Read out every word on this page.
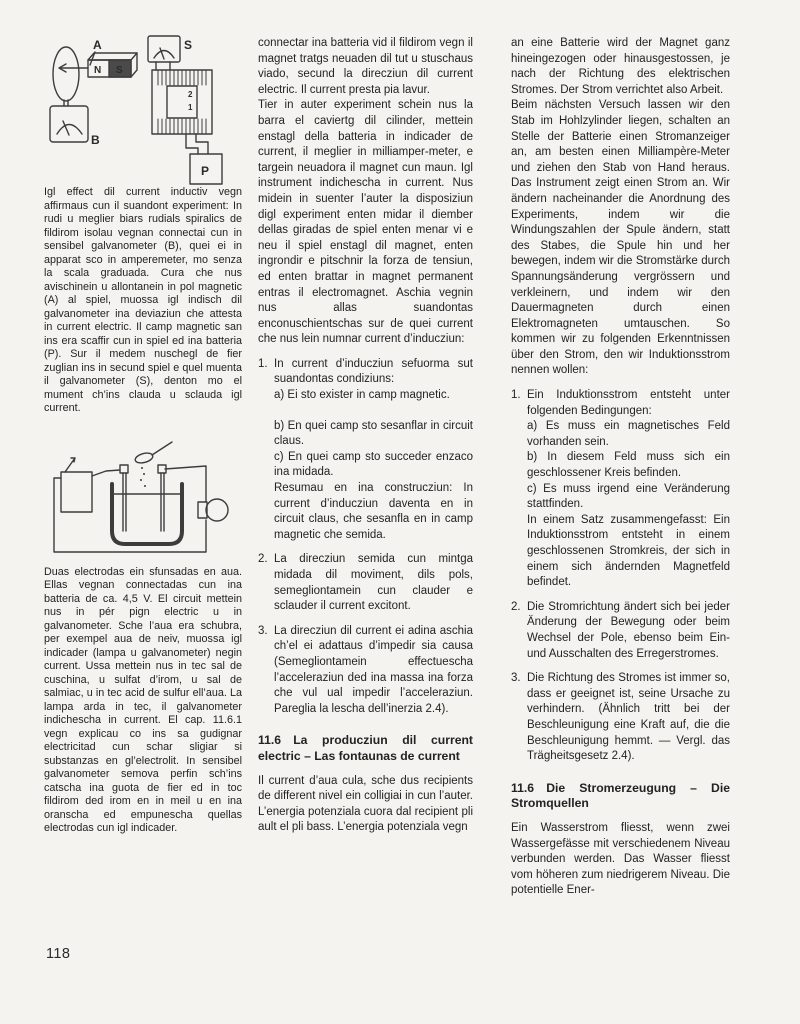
A
N S
B
S
2
1
P

Igl effect dil current inductiv vegn affirmaus cun il suandont experiment: In rudi u meglier biars rudials spiralics de fildirom isolau vegnan connectai cun in sensibel galvanometer (B), quei ei in apparat sco in amperemeter, mo senza la scala graduada. Cura che nus avischinein u allontanein in pol magnetic (A) al spiel, muossa igl indisch dil galvanometer ina deviaziun che attesta in current electric. Il camp magnetic san ins era scaffir cun in spiel ed ina batteria (P). Sur il medem nuschegl de fier zuglian ins in secund spiel e quel muenta il galvanometer (S), denton mo el mument ch’ins clauda u sclauda igl current.

Duas electrodas ein sfunsadas en aua. Ellas vegnan connectadas cun ina batteria de ca. 4,5 V. El circuit mettein nus in pér pign electric u in galvanometer. Sche l’aua era schubra, per exempel aua de neiv, muossa igl indicader (lampa u galvanometer) negin current. Ussa mettein nus in tec sal de cuschina, u sulfat d’irom, u sal de salmiac, u in tec acid de sulfur ell’aua. La lampa arda in tec, il galvanometer indichescha in current. El cap. 11.6.1 vegn explicau co ins sa gudignar electricitad cun schar sligiar si substanzas en gl’electrolit. In sensibel galvanometer semova perfin sch’ins catscha ina guota de fier ed in toc fildirom ded irom en in meil u en ina oranscha ed empunescha quellas electrodas cun igl indicader.

connectar ina batteria vid il fildirom vegn il magnet tratgs neuaden dil tut u stuschaus viado, secund la direcziun dil current electric. Il current presta pia lavur.

Tier in auter experiment schein nus la barra el caviertg dil cilinder, mettein enstagl della batteria in indicader de current, il meglier in milliamper-meter, e targein neuadora il magnet cun maun. Igl instrument indichescha in current. Nus midein in suenter l’auter la disposiziun digl experiment enten midar il diember dellas giradas de spiel enten menar vi e neu il spiel enstagl dil magnet, enten ingrondir e pitschnir la forza de tensiun, ed enten brattar in magnet permanent entras il electromagnet. Aschia vegnin nus allas suandontas enconuschientschas sur de quei current che nus lein numnar current d’inducziun:

1. In current d’inducziun sefuorma sut suandontas condiziuns:

a) Ei sto exister in camp magnetic.

b) En quei camp sto sesanflar in circuit claus.

c) En quei camp sto succeder enzaco ina midada.

Resumau en ina construcziun: In current d’inducziun daventa en in circuit claus, che sesanfla en in camp magnetic che semida.

2. La direcziun semida cun mintga midada dil moviment, dils pols, semegliontamein cun clauder e sclauder il current excitont.

3. La direcziun dil current ei adina aschia ch’el ei adattaus d’impedir sia causa (Semegliontamein effectuescha l’acceleraziun ded ina massa ina forza che vul ual impedir l’acceleraziun. Pareglia la lescha dell’inerzia 2.4).

11.6 La producziun dil current electric – Las fontaunas de current

Il current d’aua cula, sche dus recipients de different nivel ein colligiai in cun l’auter. L’energia potenziala cuora dal recipient pli ault el pli bass. L’energia potenziala vegn

an eine Batterie wird der Magnet ganz hineingezogen oder hinausgestossen, je nach der Richtung des elektrischen Stromes. Der Strom verrichtet also Arbeit.

Beim nächsten Versuch lassen wir den Stab im Hohlzylinder liegen, schalten an Stelle der Batterie einen Stromanzeiger an, am besten einen Milliampère-Meter und ziehen den Stab von Hand heraus. Das Instrument zeigt einen Strom an. Wir ändern nacheinander die Anordnung des Experiments, indem wir die Windungszahlen der Spule ändern, statt des Stabes, die Spule hin und her bewegen, indem wir die Stromstärke durch Spannungsänderung vergrössern und verkleinern, und indem wir den Dauermagneten durch einen Elektromagneten umtauschen. So kommen wir zu folgenden Erkenntnissen über den Strom, den wir Induktionsstrom nennen wollen:

1. Ein Induktionsstrom entsteht unter folgenden Bedingungen:

a) Es muss ein magnetisches Feld vorhanden sein.

b) In diesem Feld muss sich ein geschlossener Kreis befinden.

c) Es muss irgend eine Veränderung stattfinden.

In einem Satz zusammengefasst: Ein Induktionsstrom entsteht in einem geschlossenen Stromkreis, der sich in einem sich ändernden Magnetfeld befindet.

2. Die Stromrichtung ändert sich bei jeder Änderung der Bewegung oder beim Wechsel der Pole, ebenso beim Ein- und Ausschalten des Erregerstromes.

3. Die Richtung des Stromes ist immer so, dass er geeignet ist, seine Ursache zu verhindern. (Ähnlich tritt bei der Beschleunigung eine Kraft auf, die die Beschleunigung hemmt. — Vergl. das Trägheitsgesetz 2.4).

11.6 Die Stromerzeugung – Die Stromquellen

Ein Wasserstrom fliesst, wenn zwei Wassergefässe mit verschiedenem Niveau verbunden werden. Das Wasser fliesst vom höheren zum niedrigerem Niveau. Die potentielle Ener-

118
